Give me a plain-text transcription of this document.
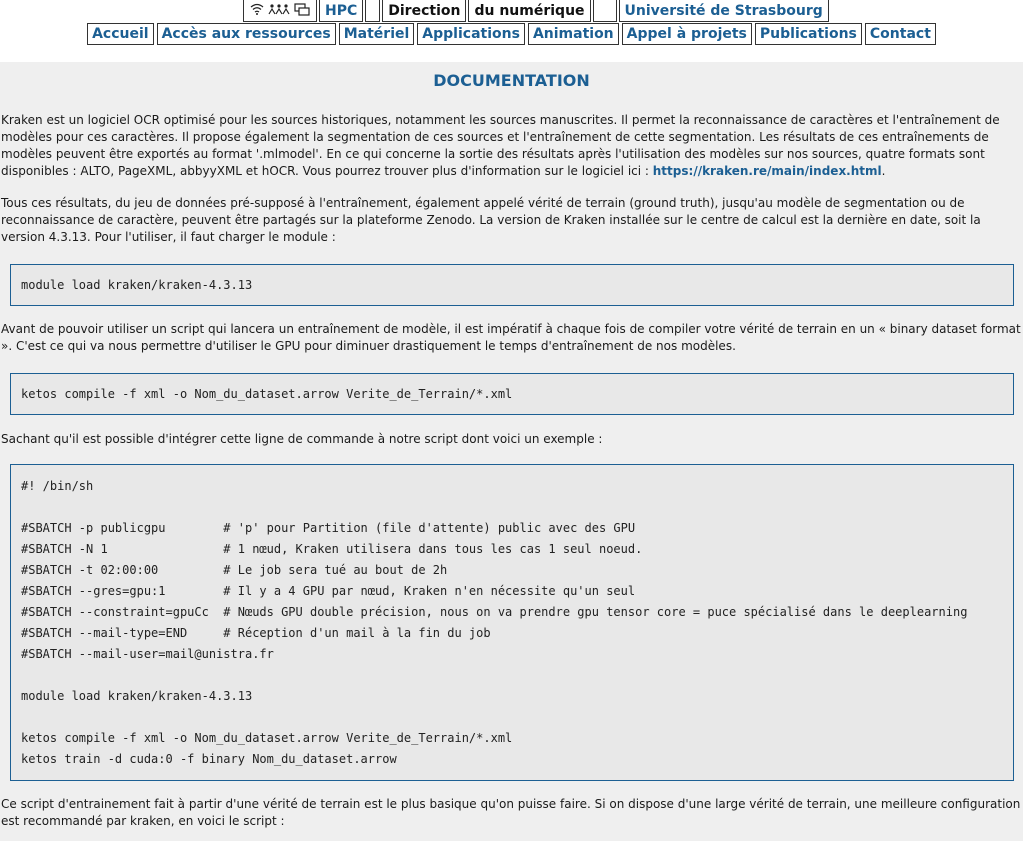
HPC	Direction	du numérique	Université de Strasbourg
Accueil Accès aux ressources Matériel Applications Animation Appel à projets Publications Contact
DOCUMENTATION
Kraken est un logiciel OCR optimisé pour les sources historiques, notamment les sources manuscrites. Il permet la reconnaissance de caractères et l'entraînement de modèles pour ces caractères. Il propose également la segmentation de ces sources et l'entraînement de cette segmentation. Les résultats de ces entraînements de modèles peuvent être exportés au format '.mlmodel'. En ce qui concerne la sortie des résultats après l'utilisation des modèles sur nos sources, quatre formats sont disponibles : ALTO, PageXML, abbyyXML et hOCR. Vous pourrez trouver plus d'information sur le logiciel ici : https://kraken.re/main/index.html.
Tous ces résultats, du jeu de données pré-supposé à l'entraînement, également appelé vérité de terrain (ground truth), jusqu'au modèle de segmentation ou de reconnaissance de caractère, peuvent être partagés sur la plateforme Zenodo. La version de Kraken installée sur le centre de calcul est la dernière en date, soit la version 4.3.13. Pour l'utiliser, il faut charger le module :
module load kraken/kraken-4.3.13
Avant de pouvoir utiliser un script qui lancera un entraînement de modèle, il est impératif à chaque fois de compiler votre vérité de terrain en un « binary dataset format ». C'est ce qui va nous permettre d'utiliser le GPU pour diminuer drastiquement le temps d'entraînement de nos modèles.
ketos compile -f xml -o Nom_du_dataset.arrow Verite_de_Terrain/*.xml
Sachant qu'il est possible d'intégrer cette ligne de commande à notre script dont voici un exemple :
#! /bin/sh
#SBATCH -p publicgpu        # 'p' pour Partition (file d'attente) public avec des GPU
#SBATCH -N 1                # 1 nœud, Kraken utilisera dans tous les cas 1 seul noeud.
#SBATCH -t 02:00:00         # Le job sera tué au bout de 2h
#SBATCH --gres=gpu:1        # Il y a 4 GPU par nœud, Kraken n'en nécessite qu'un seul
#SBATCH --constraint=gpuCc  # Nœuds GPU double précision, nous on va prendre gpu tensor core = puce spécialisé dans le deeplearning
#SBATCH --mail-type=END     # Réception d'un mail à la fin du job
#SBATCH --mail-user=mail@unistra.fr
module load kraken/kraken-4.3.13
ketos compile -f xml -o Nom_du_dataset.arrow Verite_de_Terrain/*.xml
ketos train -d cuda:0 -f binary Nom_du_dataset.arrow
Ce script d'entrainement fait à partir d'une vérité de terrain est le plus basique qu'on puisse faire. Si on dispose d'une large vérité de terrain, une meilleure configuration est recommandé par kraken, en voici le script :
